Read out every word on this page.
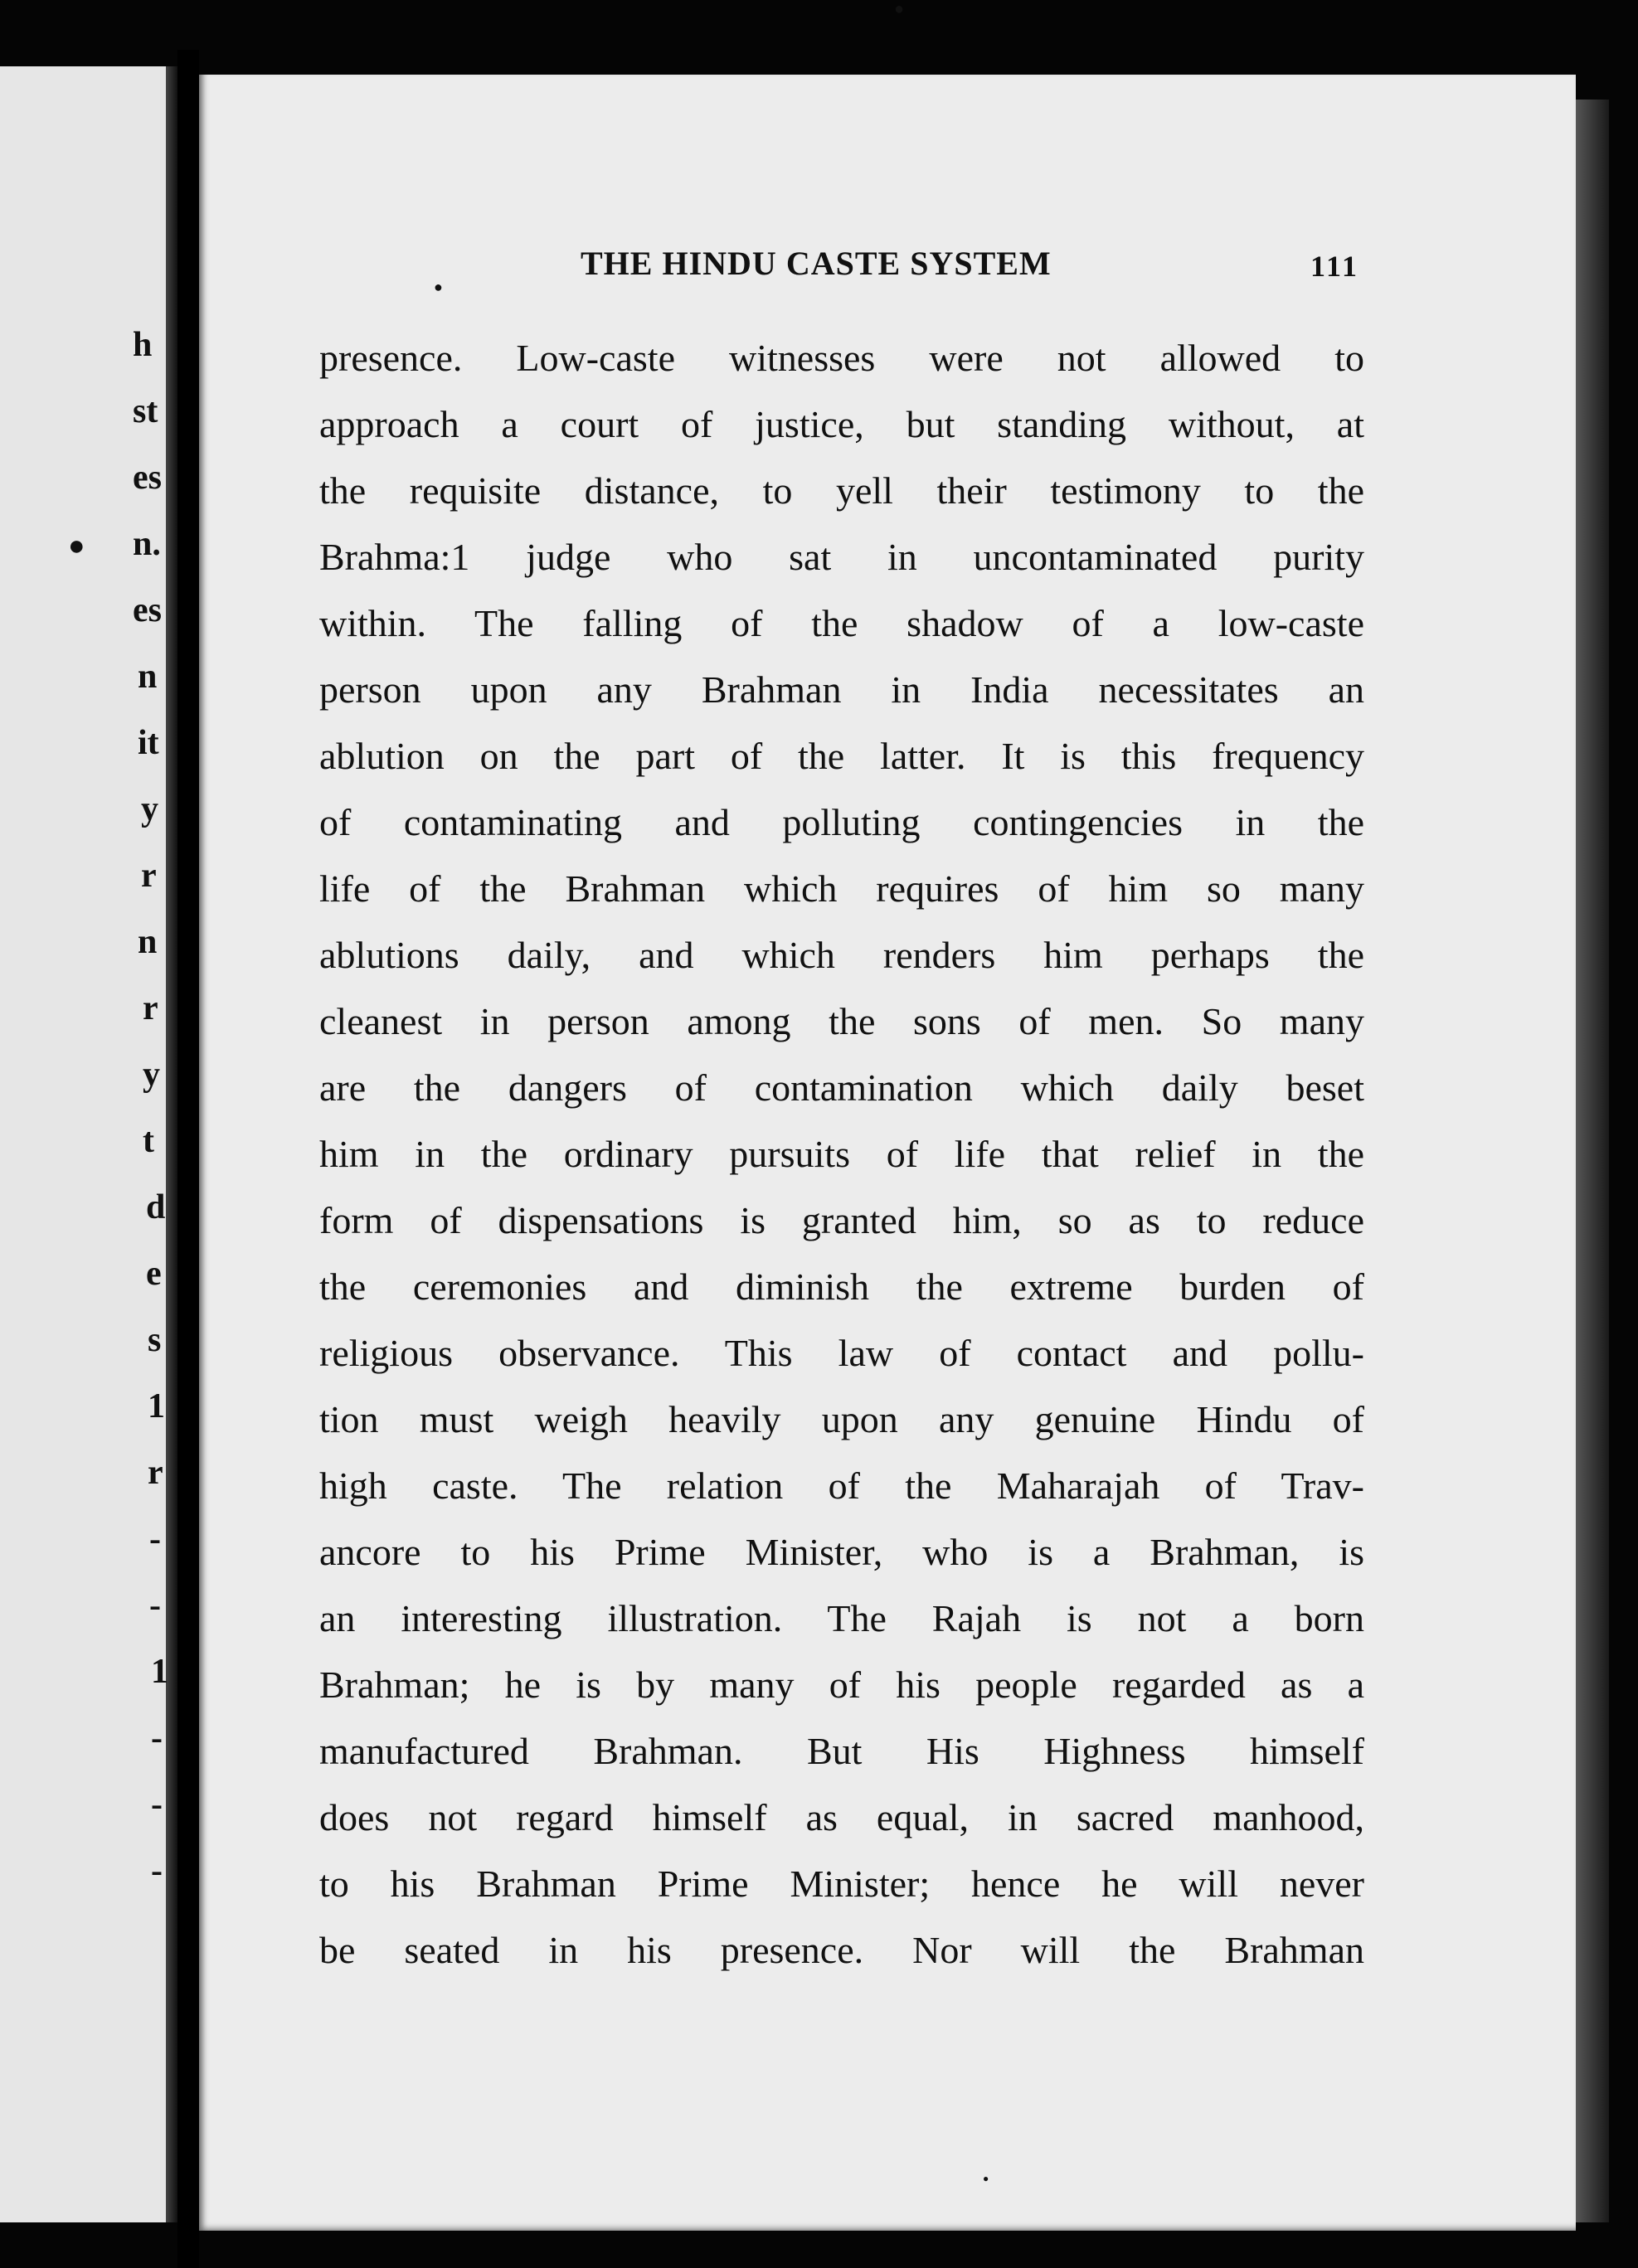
h
st
es
n.
es
n
it
y
r
n
r
y
t
d
e
s
1
r
-
-
1
-
-
-
●
●
●
●
THE HINDU CASTE SYSTEM	111
presence. Low-caste witnesses were not allowed to
approach a court of justice, but standing without, at
the requisite distance, to yell their testimony to the
Brahma:1 judge who sat in uncontaminated purity
within. The falling of the shadow of a low-caste
person upon any Brahman in India necessitates an
ablution on the part of the latter. It is this frequency
of contaminating and polluting contingencies in the
life of the Brahman which requires of him so many
ablutions daily, and which renders him perhaps the
cleanest in person among the sons of men. So many
are the dangers of contamination which daily beset
him in the ordinary pursuits of life that relief in the
form of dispensations is granted him, so as to reduce
the ceremonies and diminish the extreme burden of
religious observance. This law of contact and pollu-
tion must weigh heavily upon any genuine Hindu of
high caste. The relation of the Maharajah of Trav-
ancore to his Prime Minister, who is a Brahman, is
an interesting illustration. The Rajah is not a born
Brahman; he is by many of his people regarded as a
manufactured Brahman. But His Highness himself
does not regard himself as equal, in sacred manhood,
to his Brahman Prime Minister; hence he will never
be seated in his presence. Nor will the Brahman
